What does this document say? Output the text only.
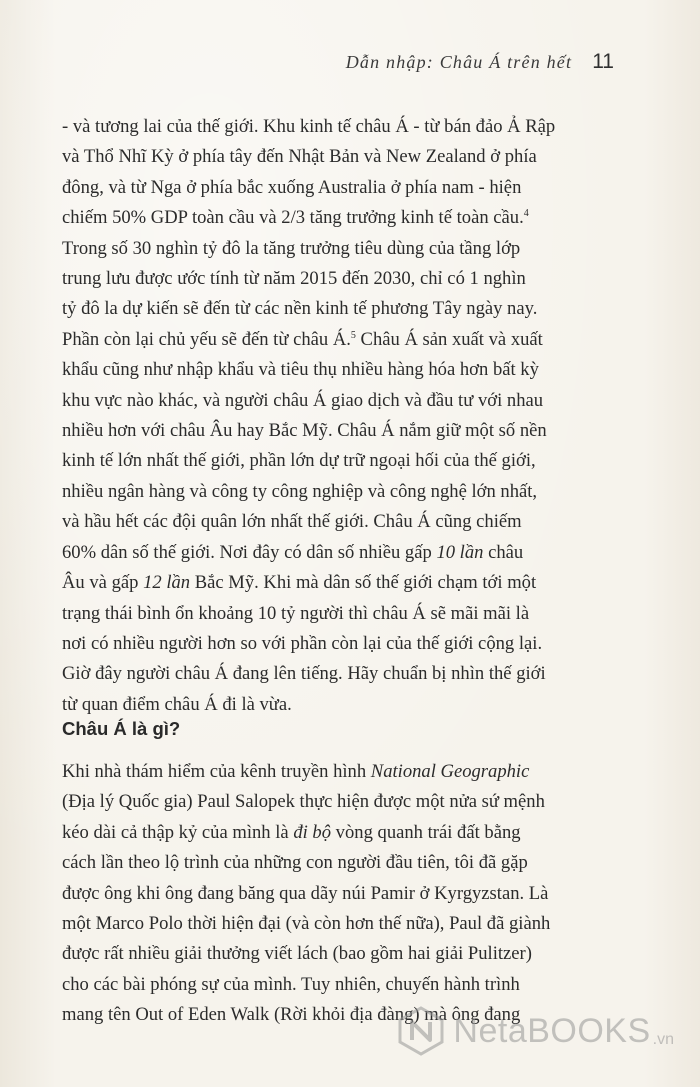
Dẫn nhập: Châu Á trên hết 11

- và tương lai của thế giới. Khu kinh tế châu Á - từ bán đảo Ả Rập

và Thổ Nhĩ Kỳ ở phía tây đến Nhật Bản và New Zealand ở phía

đông, và từ Nga ở phía bắc xuống Australia ở phía nam - hiện

chiếm 50% GDP toàn cầu và 2/3 tăng trưởng kinh tế toàn cầu.$^4$

Trong số 30 nghìn tỷ đô la tăng trưởng tiêu dùng của tầng lớp

trung lưu được ước tính từ năm 2015 đến 2030, chỉ có 1 nghìn

tỷ đô la dự kiến sẽ đến từ các nền kinh tế phương Tây ngày nay.

Phần còn lại chủ yếu sẽ đến từ châu Á.$^5$ Châu Á sản xuất và xuất

khẩu cũng như nhập khẩu và tiêu thụ nhiều hàng hóa hơn bất kỳ

khu vực nào khác, và người châu Á giao dịch và đầu tư với nhau

nhiều hơn với châu Âu hay Bắc Mỹ. Châu Á nắm giữ một số nền

kinh tế lớn nhất thế giới, phần lớn dự trữ ngoại hối của thế giới,

nhiều ngân hàng và công ty công nghiệp và công nghệ lớn nhất,

và hầu hết các đội quân lớn nhất thế giới. Châu Á cũng chiếm

60% dân số thế giới. Nơi đây có dân số nhiều gấp 10 lần châu

Âu và gấp 12 lần Bắc Mỹ. Khi mà dân số thế giới chạm tới một

trạng thái bình ổn khoảng 10 tỷ người thì châu Á sẽ mãi mãi là

nơi có nhiều người hơn so với phần còn lại của thế giới cộng lại.

Giờ đây người châu Á đang lên tiếng. Hãy chuẩn bị nhìn thế giới

từ quan điểm châu Á đi là vừa.

Châu Á là gì?

Khi nhà thám hiểm của kênh truyền hình National Geographic

(Địa lý Quốc gia) Paul Salopek thực hiện được một nửa sứ mệnh

kéo dài cả thập kỷ của mình là đi bộ vòng quanh trái đất bằng

cách lần theo lộ trình của những con người đầu tiên, tôi đã gặp

được ông khi ông đang băng qua dãy núi Pamir ở Kyrgyzstan. Là

một Marco Polo thời hiện đại (và còn hơn thế nữa), Paul đã giành

được rất nhiều giải thưởng viết lách (bao gồm hai giải Pulitzer)

cho các bài phóng sự của mình. Tuy nhiên, chuyến hành trình

mang tên Out of Eden Walk (Rời khỏi địa đàng) mà ông đang

NetaBOOKS .vn
